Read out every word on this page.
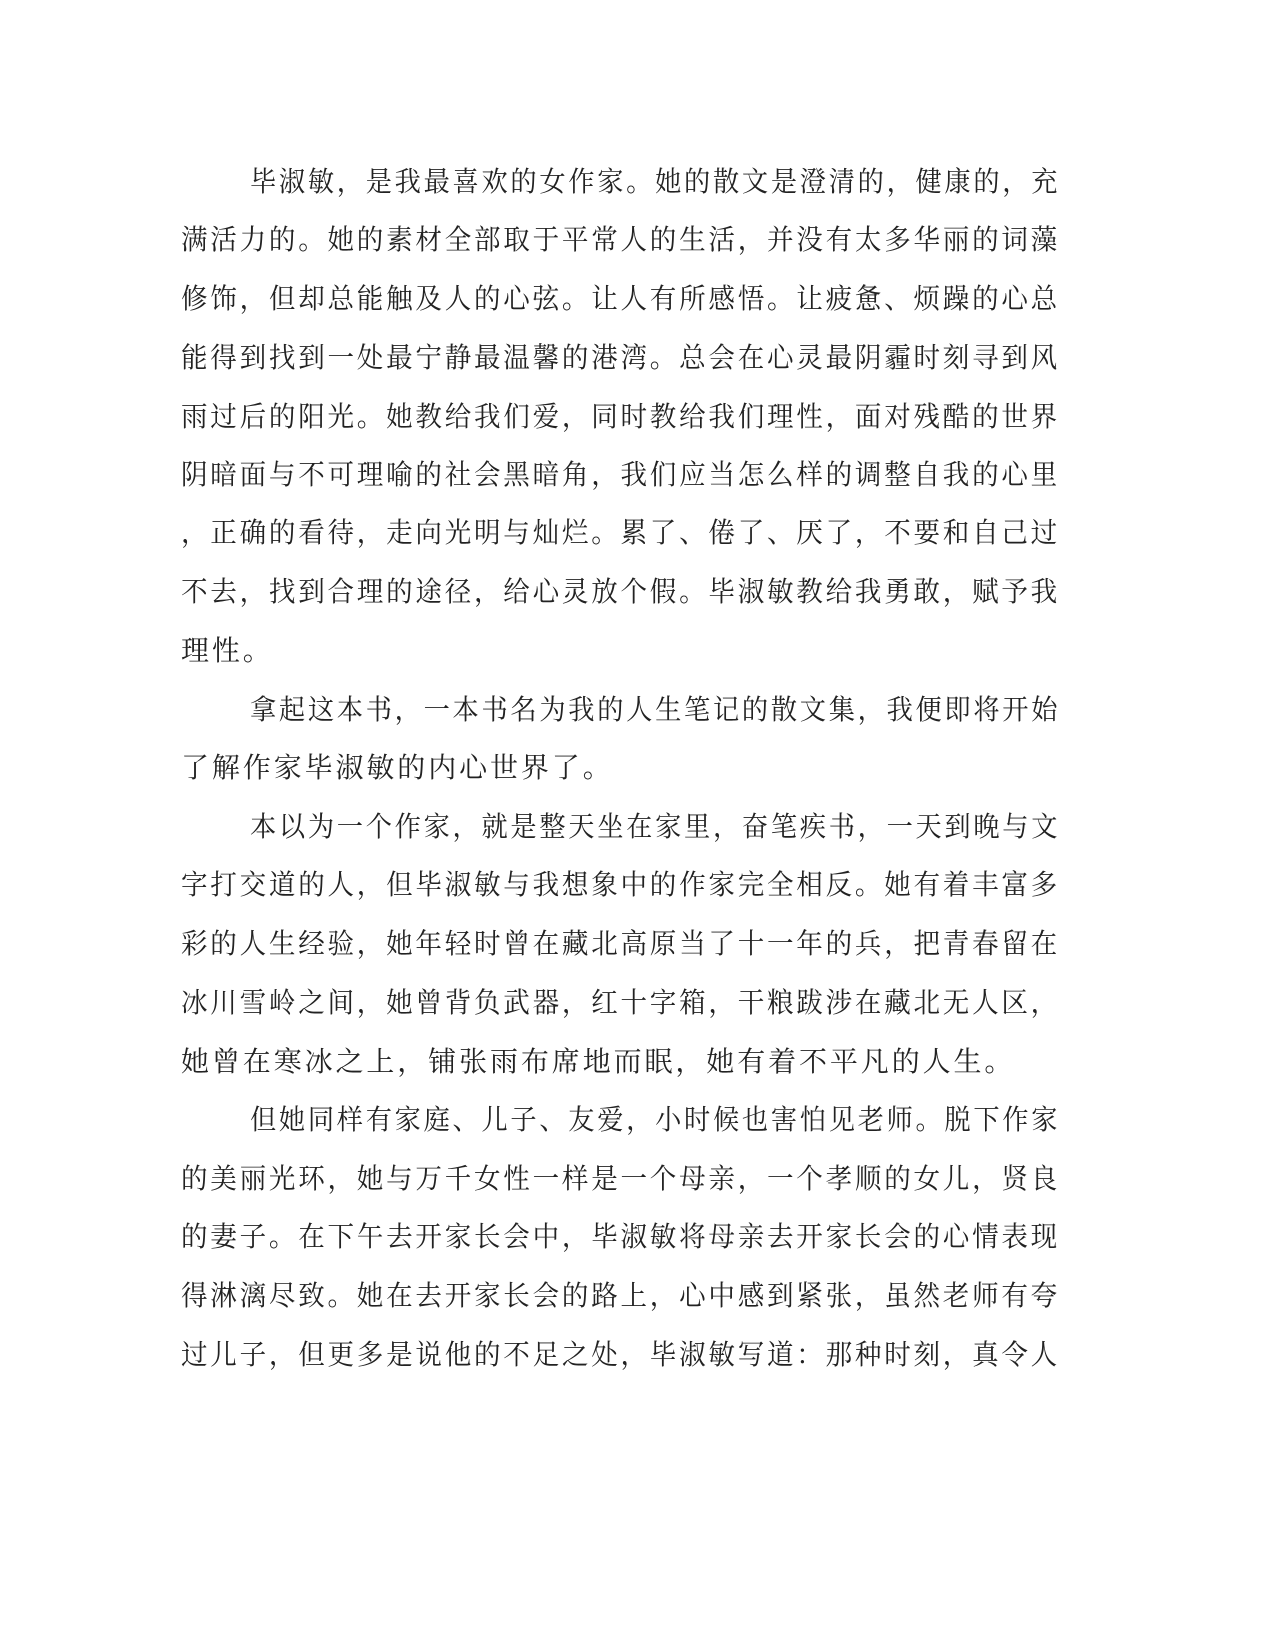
毕淑敏，是我最喜欢的女作家。她的散文是澄清的，健康的，充
满活力的。她的素材全部取于平常人的生活，并没有太多华丽的词藻
修饰，但却总能触及人的心弦。让人有所感悟。让疲惫、烦躁的心总
能得到找到一处最宁静最温馨的港湾。总会在心灵最阴霾时刻寻到风
雨过后的阳光。她教给我们爱，同时教给我们理性，面对残酷的世界
阴暗面与不可理喻的社会黑暗角，我们应当怎么样的调整自我的心里
，正确的看待，走向光明与灿烂。累了、倦了、厌了，不要和自己过
不去，找到合理的途径，给心灵放个假。毕淑敏教给我勇敢，赋予我
理性。
拿起这本书，一本书名为我的人生笔记的散文集，我便即将开始
了解作家毕淑敏的内心世界了。
本以为一个作家，就是整天坐在家里，奋笔疾书，一天到晚与文
字打交道的人，但毕淑敏与我想象中的作家完全相反。她有着丰富多
彩的人生经验，她年轻时曾在藏北高原当了十一年的兵，把青春留在
冰川雪岭之间，她曾背负武器，红十字箱，干粮跋涉在藏北无人区，
她曾在寒冰之上，铺张雨布席地而眠，她有着不平凡的人生。
但她同样有家庭、儿子、友爱，小时候也害怕见老师。脱下作家
的美丽光环，她与万千女性一样是一个母亲，一个孝顺的女儿，贤良
的妻子。在下午去开家长会中，毕淑敏将母亲去开家长会的心情表现
得淋漓尽致。她在去开家长会的路上，心中感到紧张，虽然老师有夸
过儿子，但更多是说他的不足之处，毕淑敏写道：那种时刻，真令人
